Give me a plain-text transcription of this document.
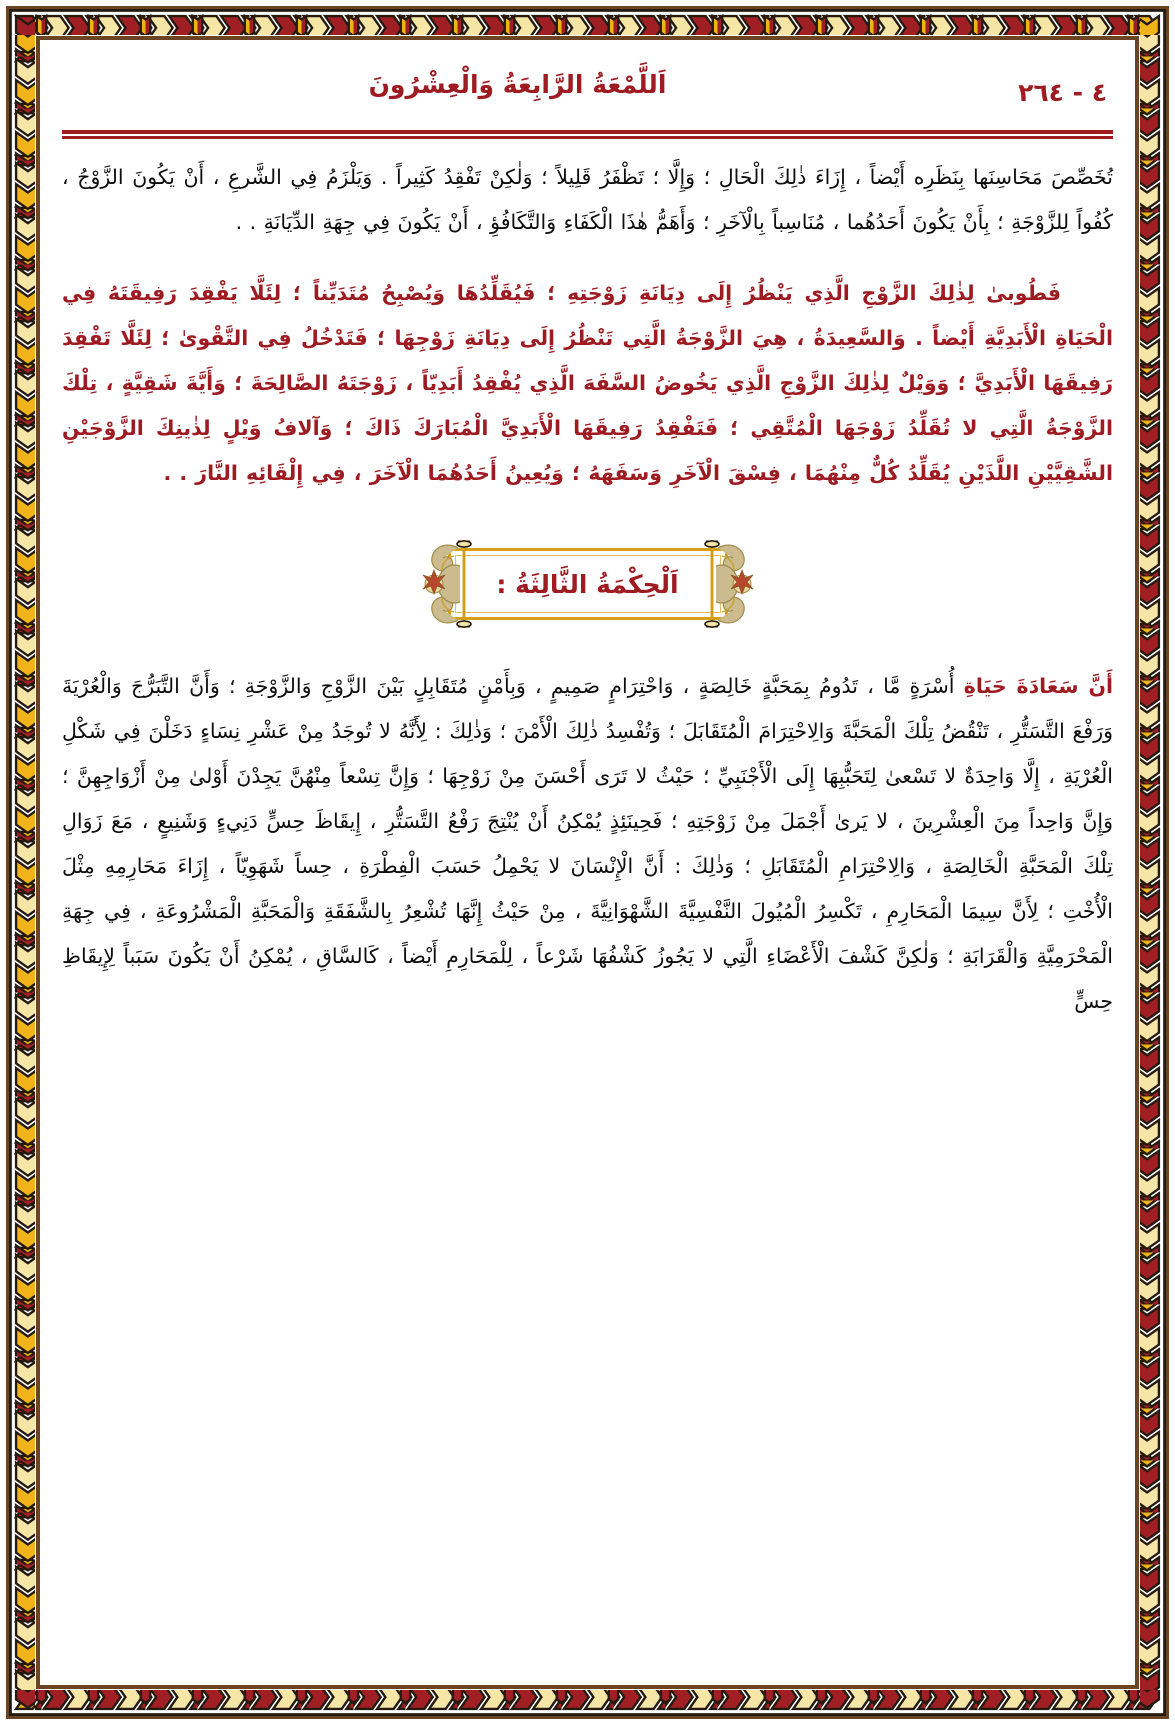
٤ - ٢٦٤
اَللَّمْعَةُ الرَّابِعَةُ وَالْعِشْرُونَ

تُخَصِّصَ مَحَاسِنَها بِنَظَرِه أَيْضاً ، إِزَاءَ ذٰلِكَ الْحَالِ ؛ وَإِلَّا ؛ تَظْفَرُ قَلِيلاً ؛ وَلٰكِنْ تَفْقِدُ كَثِيراً . وَيَلْزَمُ فِي الشَّرعِ ، أَنْ يَكُونَ الزَّوْجُ ، كُفُواً لِلزَّوْجَةِ ؛ بِأَنْ يَكُونَ أَحَدُهُما ، مُنَاسِباً بِالْآخَرِ ؛ وَأَهَمُّ هٰذَا الْكَفَاءِ وَالتَّكَافُؤِ ، أَنْ يَكُونَ فِي جِهَةِ الدِّيَانَةِ . .

فَطُوبىٰ لِذٰلِكَ الزَّوْجِ الَّذِي يَنْظُرُ إِلَى دِيَانَةِ زَوْجَتِهِ ؛ فَيُقَلِّدُهَا وَيُصْبِحُ مُتَدَيِّناً ؛ لِئَلَّا يَفْقِدَ رَفِيقَتَهُ فِي الْحَيَاةِ الْأَبَدِيَّةِ أَيْضاً . وَالسَّعِيدَةُ ، هِيَ الزَّوْجَةُ الَّتِي تَنْظُرُ إِلَى دِيَانَةِ زَوْجِهَا ؛ فَتَدْخُلُ فِي التَّقْوىٰ ؛ لِئَلَّا تَفْقِدَ رَفِيقَهَا الْأَبَدِيَّ ؛ وَوَيْلٌ لِذٰلِكَ الزَّوْجِ الَّذِي يَخُوضُ السَّفَهَ الَّذِي يُفْقِدُ أَبَدِيّاً ، زَوْجَتَهُ الصَّالِحَةَ ؛ وَأَيَّةَ شَقِيَّةٍ ، تِلْكَ الزَّوْجَةُ الَّتِي لا تُقَلِّدُ زَوْجَهَا الْمُتَّقِي ؛ فَتَفْقِدُ رَفِيقَهَا الْأَبَدِيَّ الْمُبَارَكَ ذَاكَ ؛ وَآلافُ وَيْلٍ لِذٰينِكَ الزَّوْجَيْنِ الشَّقِيَّيْنِ اللَّذَيْنِ يُقَلِّدُ كُلٌّ مِنْهُمَا ، فِسْقَ الْآخَرِ وَسَفَهَهُ ؛ وَيُعِينُ أَحَدُهُمَا الْآخَرَ ، فِي إِلْقَائِهِ النَّارَ . .

اَلْحِكْمَةُ الثَّالِثَةُ :

أَنَّ سَعَادَةَ حَيَاةِ أُسْرَةٍ مَّا ، تَدُومُ بِمَحَبَّةٍ خَالِصَةٍ ، وَاحْتِرَامٍ صَمِيمٍ ، وَبِأَمْنٍ مُتَقَابِلٍ بَيْنَ الزَّوْجِ وَالزَّوْجَةِ ؛ وَأَنَّ التَّبَرُّجَ وَالْعُرْيَةَ وَرَفْعَ التَّسَتُّرِ ، تَنْقُضُ تِلْكَ الْمَحَبَّةَ وَالِاحْتِرَامَ الْمُتَقَابَلَ ؛ وَتُفْسِدُ ذٰلِكَ الْأَمْنَ ؛ وَذٰلِكَ : لِأَنَّهُ لا تُوجَدُ مِنْ عَشْرِ نِسَاءٍ دَخَلْنَ فِي شَكْلِ الْعُرْيَةِ ، إِلَّا وَاحِدَةٌ لا تَسْعىٰ لِتَحَبُّبِهَا إِلَى الْأَجْنَبِيِّ ؛ حَيْثُ لا تَرَى أَحْسَنَ مِنْ زَوْجِهَا ؛ وَإِنَّ تِسْعاً مِنْهُنَّ يَجِدْنَ أَوْلىٰ مِنْ أَزْوَاجِهِنَّ ؛ وَإِنَّ وَاحِداً مِنَ الْعِشْرِينَ ، لا يَرىٰ أَجْمَلَ مِنْ زَوْجَتِهِ ؛ فَحِينَئِذٍ يُمْكِنُ أَنْ يُنْتِجَ رَفْعُ التَّسَتُّرِ ، إِيقَاظَ حِسٍّ دَنِيءٍ وَشَنِيعٍ ، مَعَ زَوَالِ تِلْكَ الْمَحَبَّةِ الْخَالِصَةِ ، وَالِاحْتِرَامِ الْمُتَقَابَلِ ؛ وَذٰلِكَ : أَنَّ الْإِنْسَانَ لا يَحْمِلُ حَسَبَ الْفِطْرَةِ ، حِساً شَهَوِيّاً ، إِزَاءَ مَحَارِمِهِ مِثْلَ الْأُخْتِ ؛ لِأَنَّ سِيمَا الْمَحَارِمِ ، تَكْسِرُ الْمُيُولَ النَّفْسِيَّةَ الشَّهْوَانِيَّةَ ، مِنْ حَيْثُ إِنَّهَا تُشْعِرُ بِالشَّفَقَةِ وَالْمَحَبَّةِ الْمَشْرُوعَةِ ، فِي جِهَةِ الْمَحْرَمِيَّةِ وَالْقَرَابَةِ ؛ وَلٰكِنَّ كَشْفَ الْأَعْضَاءِ الَّتِي لا يَجُوزُ كَشْفُهَا شَرْعاً ، لِلْمَحَارِمِ أَيْضاً ، كَالسَّاقِ ، يُمْكِنُ أَنْ يَكُونَ سَبَباً لِإِيقَاظِ حِسٍّ
